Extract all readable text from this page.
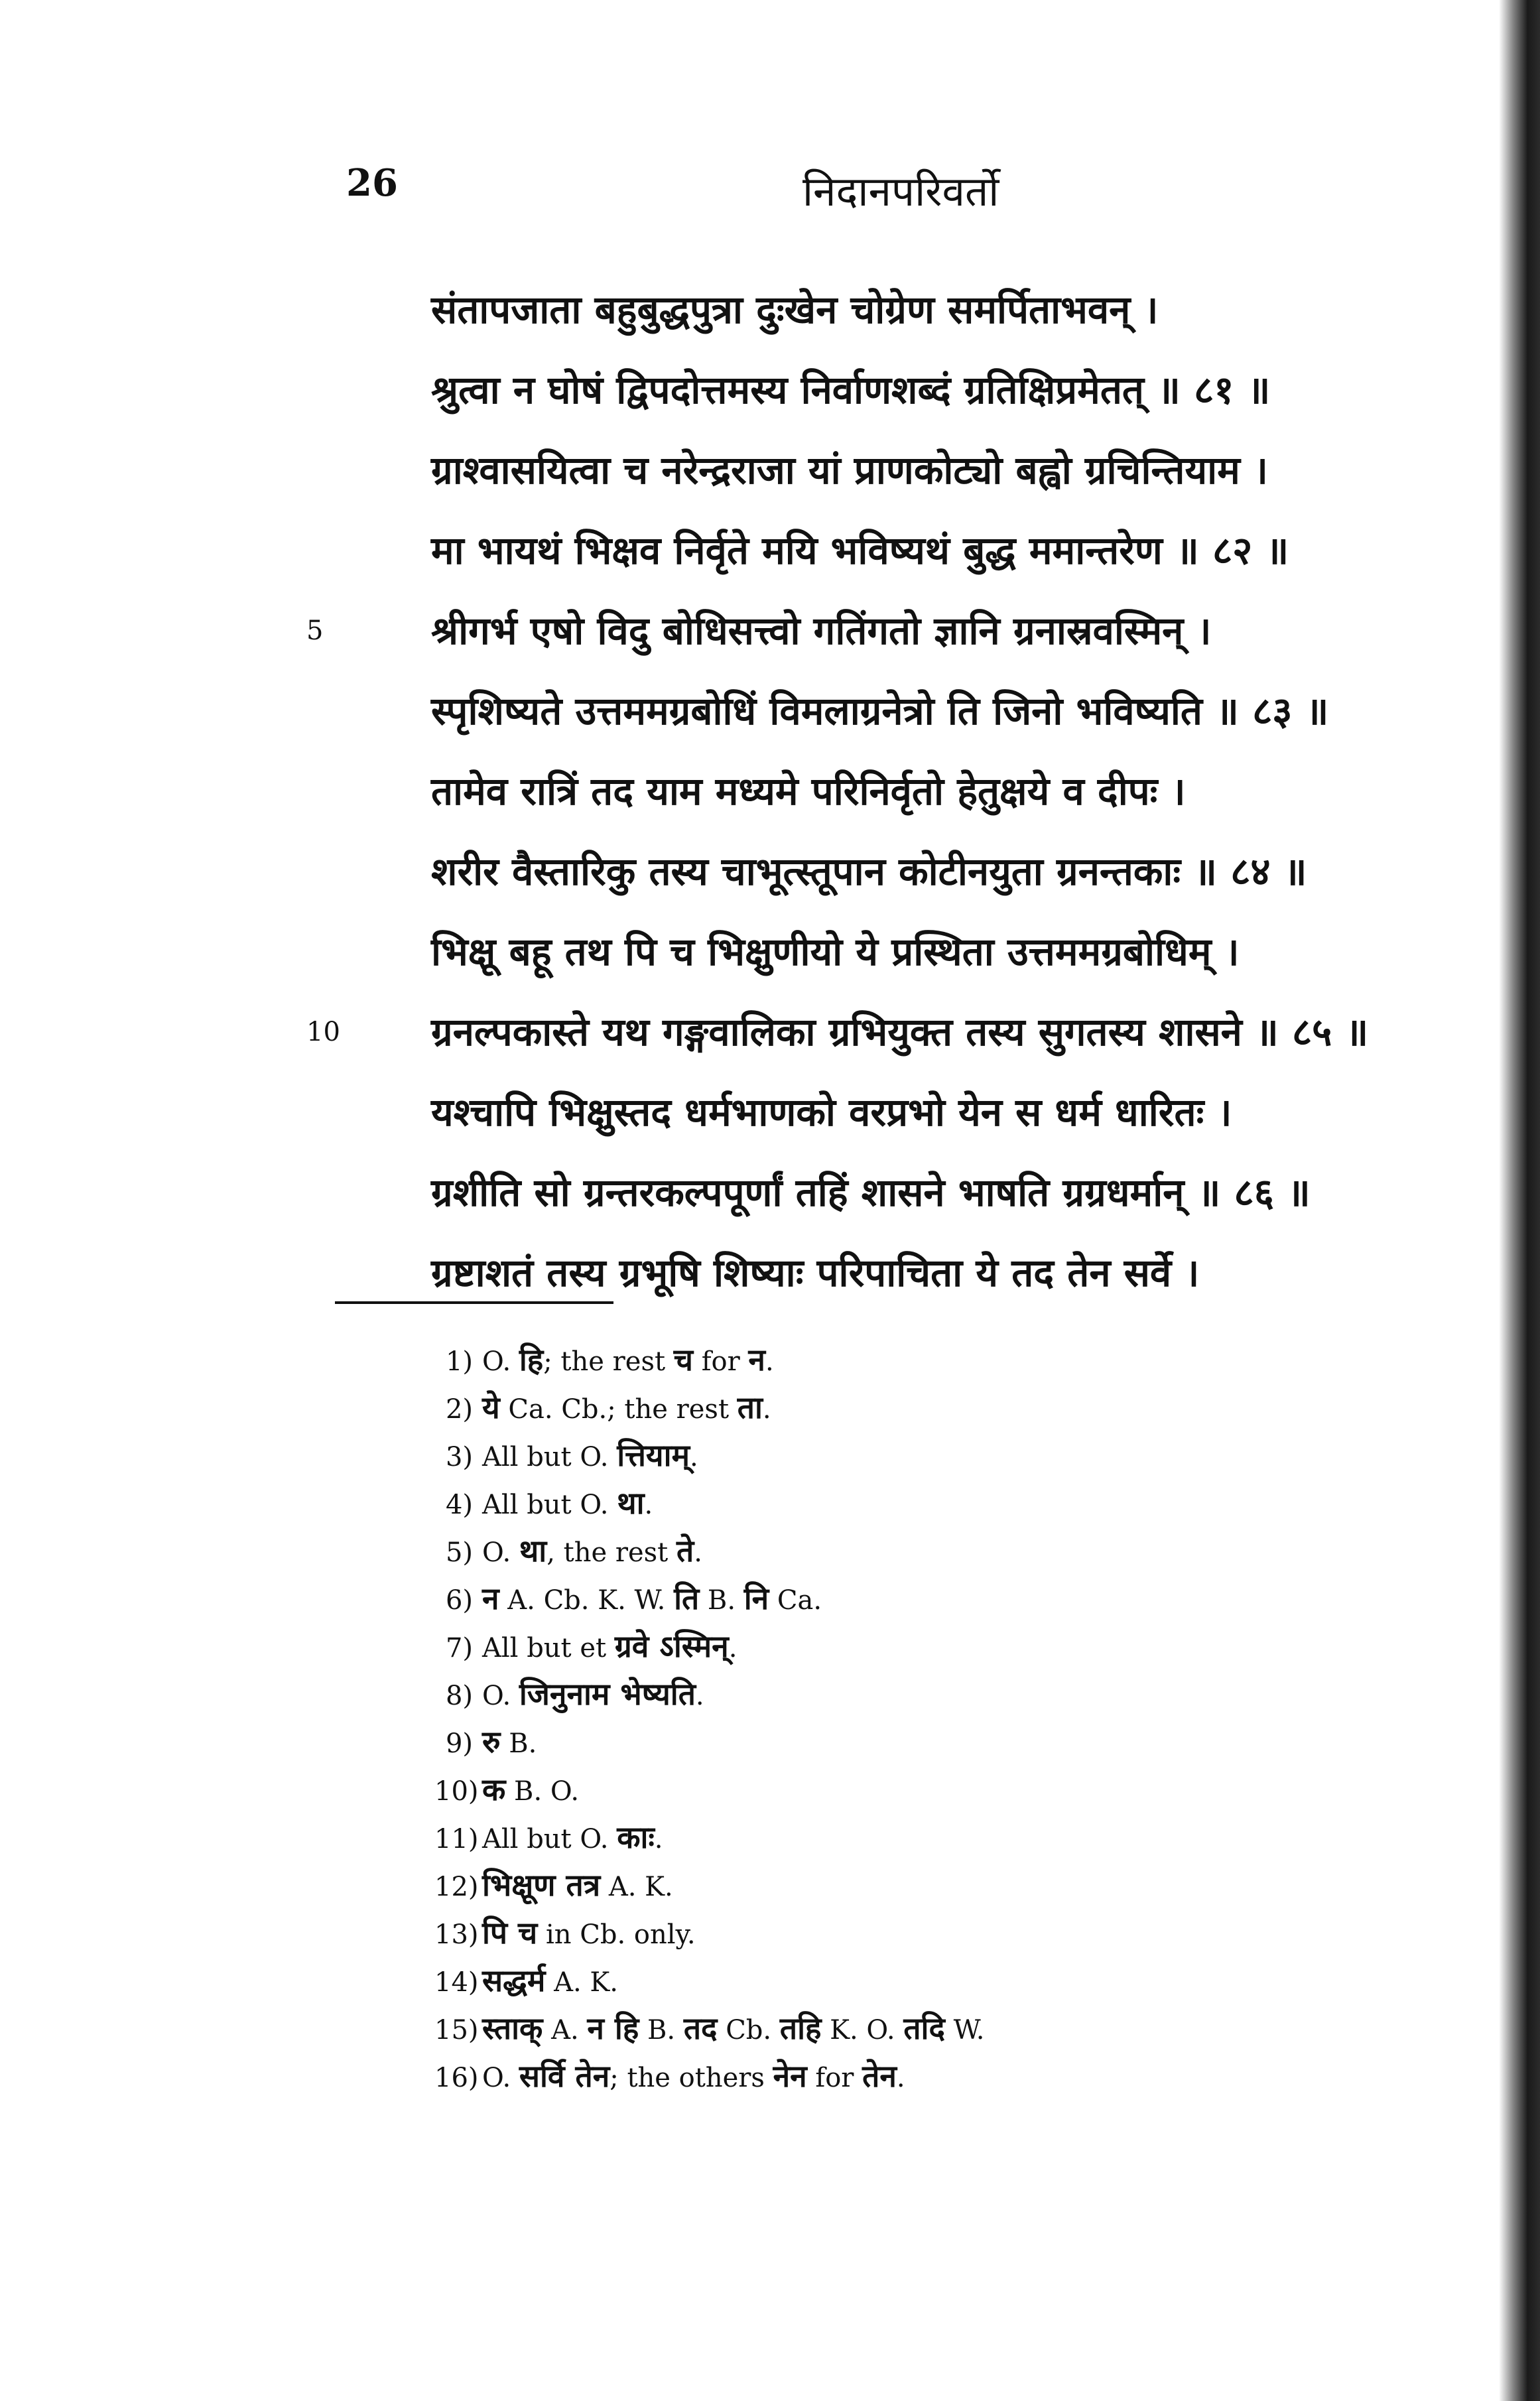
26	निदानपरिवर्तो
संतापजाता बहुबुद्धपुत्रा दुःखेन चोग्रेण समर्पिताभवन् ।
श्रुत्वा न घोषं द्विपदोत्तमस्य निर्वाणशब्दं ग्रतिक्षिप्रमेतत् ॥ ८१ ॥
ग्राश्वासयित्वा च नरेन्द्रराजा यां प्राणकोट्यो बह्वो ग्रचिन्तियाम ।
मा भायथं भिक्षव निर्वृते मयि भविष्यथं बुद्ध ममान्तरेण ॥ ८२ ॥
श्रीगर्भ एषो विदु बोधिसत्त्वो गतिंगतो ज्ञानि ग्रनास्रवस्मिन् ।
5
स्पृशिष्यते उत्तममग्रबोधिं विमलाग्रनेत्रो ति जिनो भविष्यति ॥ ८३ ॥
तामेव रात्रिं तद याम मध्यमे परिनिर्वृतो हेतुक्षये व दीपः ।
शरीर वैस्तारिकु तस्य चाभूत्स्तूपान कोटीनयुता ग्रनन्तकाः ॥ ८४ ॥
भिक्षू बहू तथ पि च भिक्षुणीयो ये प्रस्थिता उत्तममग्रबोधिम् ।
ग्रनल्पकास्ते यथ गङ्गवालिका ग्रभियुक्त तस्य सुगतस्य शासने ॥ ८५ ॥
10
यश्चापि भिक्षुस्तद धर्मभाणको वरप्रभो येन स धर्म धारितः ।
ग्रशीति सो ग्रन्तरकल्पपूर्णां तहिं शासने भाषति ग्रग्रधर्मान् ॥ ८६ ॥
ग्रष्टाशतं तस्य ग्रभूषि शिष्याः परिपाचिता ये तद तेन सर्वे ।
1) O. हि; the rest च for न.
2) ये Ca. Cb.; the rest ता.
3) All but O. त्तियाम्.
4) All but O. था.
5) O. था, the rest ते.
6) न A. Cb. K. W. ति B. नि Ca.
7) All but et ग्रवे ऽस्मिन्.
8) O. जिनुनाम भेष्यति.
9) रु B.
10) क B. O.
11) All but O. काः.
12) भिक्षूण तत्र A. K.
13) पि च in Cb. only.
14) सद्धर्म A. K.
15) स्ताक् A. न हि B. तद Cb. तहि K. O. तदि W.
16) O. सर्वि तेन; the others नेन for तेन.
